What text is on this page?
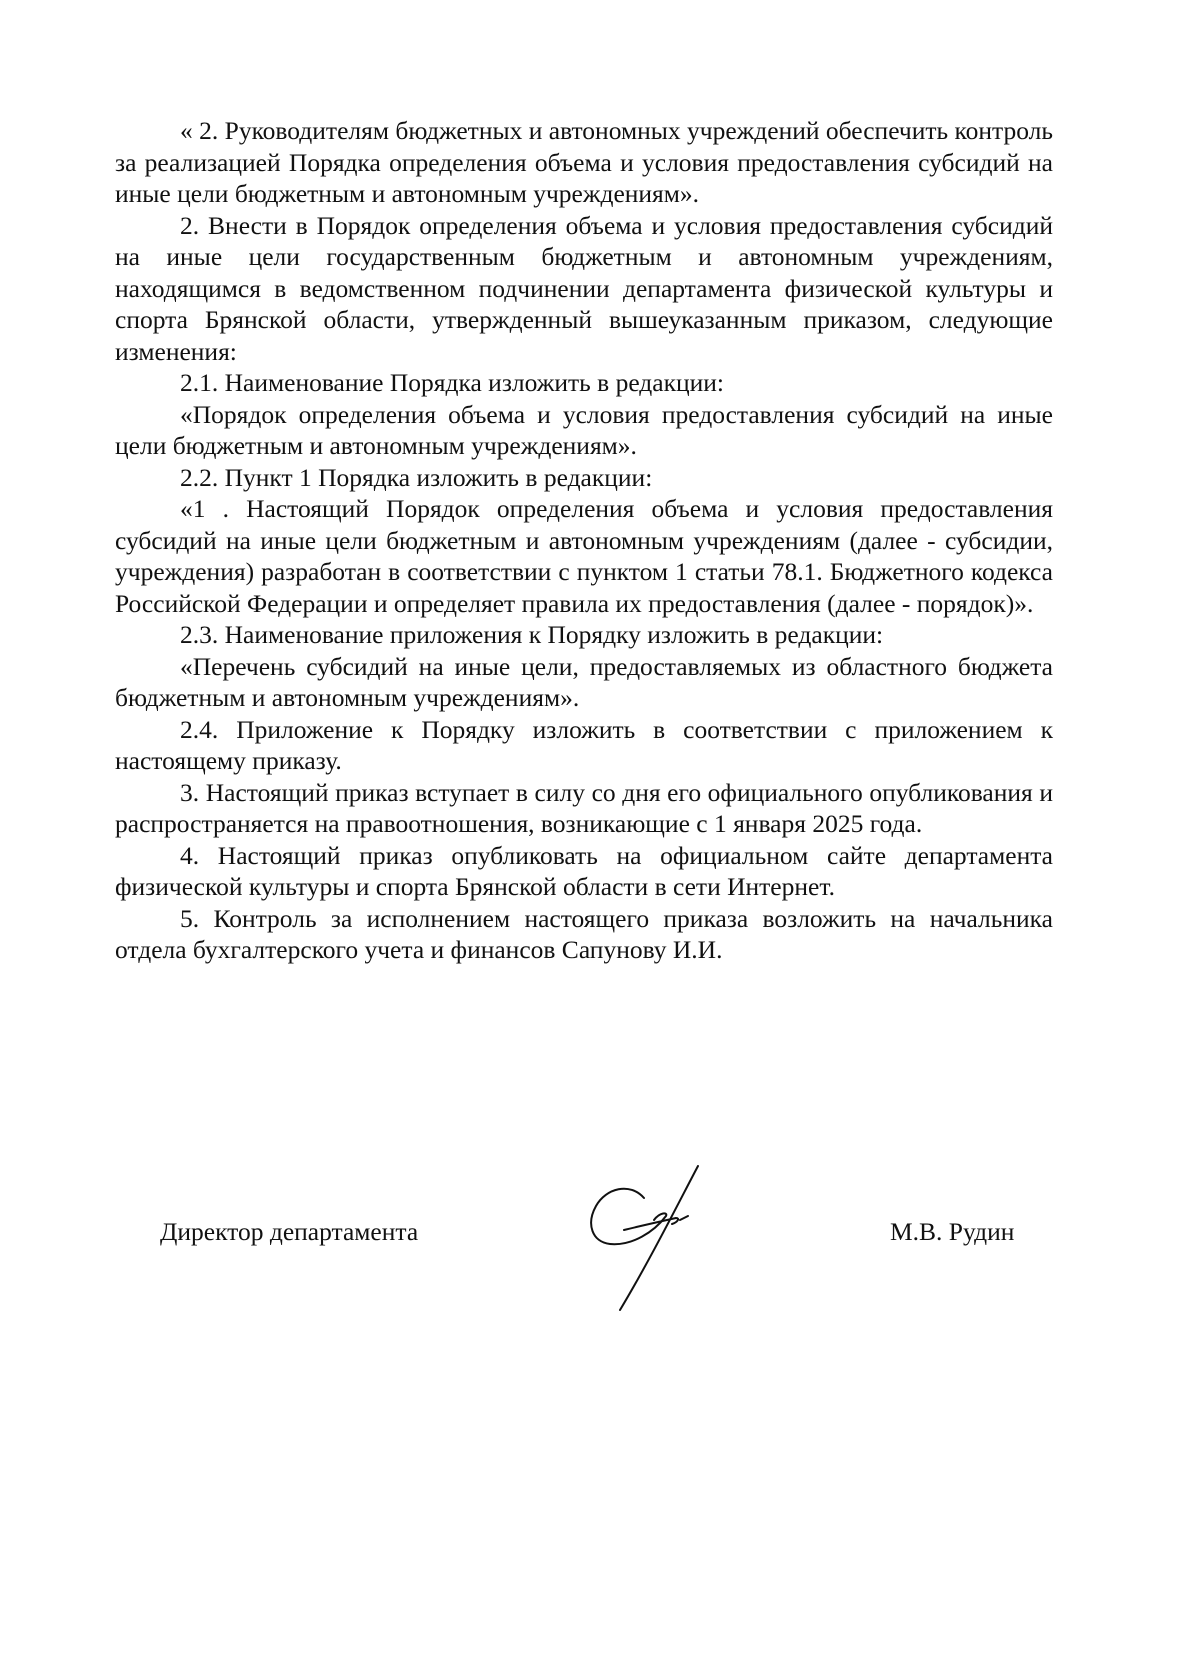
« 2. Руководителям бюджетных и автономных учреждений обеспечить контроль за реализацией Порядка определения объема и условия предоставления субсидий на иные цели бюджетным и автономным учреждениям».

2. Внести в Порядок определения объема и условия предоставления субсидий на иные цели государственным бюджетным и автономным учреждениям, находящимся в ведомственном подчинении департамента физической культуры и спорта Брянской области, утвержденный вышеуказанным приказом, следующие изменения:

2.1. Наименование Порядка изложить в редакции:

«Порядок определения объема и условия предоставления субсидий на иные цели бюджетным и автономным учреждениям».

2.2. Пункт 1 Порядка изложить в редакции:

«1 . Настоящий Порядок определения объема и условия предоставления субсидий на иные цели бюджетным и автономным учреждениям (далее - субсидии, учреждения) разработан в соответствии с пунктом 1 статьи 78.1. Бюджетного кодекса Российской Федерации и определяет правила их предоставления (далее - порядок)».

2.3. Наименование приложения к Порядку изложить в редакции:

«Перечень субсидий на иные цели, предоставляемых из областного бюджета бюджетным и автономным учреждениям».

2.4. Приложение к Порядку изложить в соответствии с приложением к настоящему приказу.

3. Настоящий приказ вступает в силу со дня его официального опубликования и распространяется на правоотношения, возникающие с 1 января 2025 года.

4. Настоящий приказ опубликовать на официальном сайте департамента физической культуры и спорта Брянской области в сети Интернет.

5. Контроль за исполнением настоящего приказа возложить на начальника отдела бухгалтерского учета и финансов Сапунову И.И.

Директор департамента	М.В. Рудин
